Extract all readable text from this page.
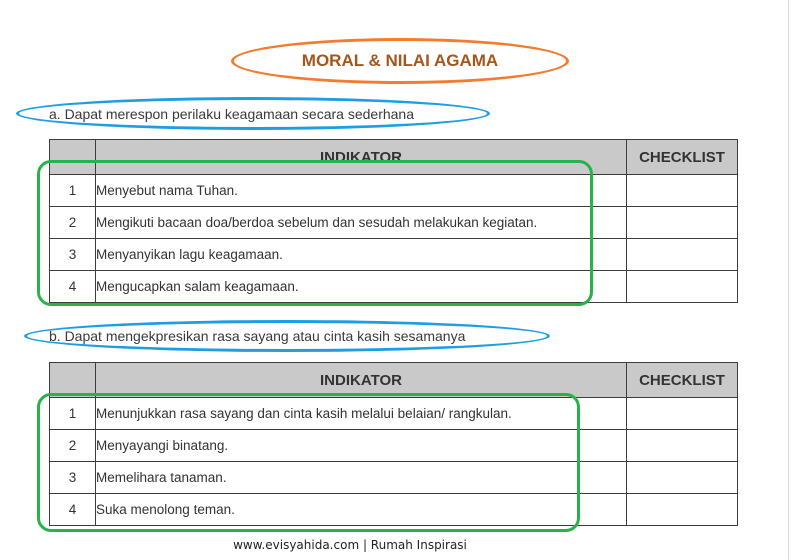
MORAL & NILAI AGAMA
a. Dapat merespon perilaku keagamaan secara sederhana
	INDIKATOR	CHECKLIST
1	Menyebut nama Tuhan.	
2	Mengikuti bacaan doa/berdoa sebelum dan sesudah melakukan kegiatan.	
3	Menyanyikan lagu keagamaan.	
4	Mengucapkan salam keagamaan.	
b. Dapat mengekpresikan rasa sayang atau cinta kasih sesamanya
	INDIKATOR	CHECKLIST
1	Menunjukkan rasa sayang dan cinta kasih melalui belaian/ rangkulan.	
2	Menyayangi binatang.	
3	Memelihara tanaman.	
4	Suka menolong teman.	
www.evisyahida.com | Rumah Inspirasi
